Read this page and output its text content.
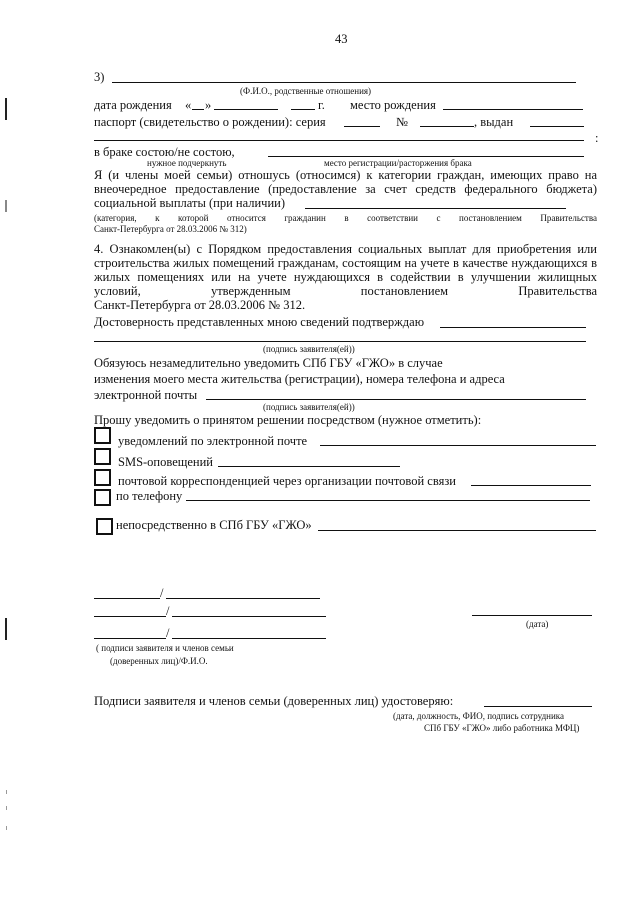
43
3)
(Ф.И.О., родственные отношения)
дата рождения « »	г. место рождения
паспорт (свидетельство о рождении): серия	№	, выдан
:
в браке состою/не состою,
нужное подчеркнуть	место регистрации/расторжения брака
Я (и члены моей семьи) отношусь (относимся) к категории граждан, имеющих право на внеочередное предоставление (предоставление за счет средств федерального бюджета)
социальной выплаты (при наличии)
(категория, к которой относится гражданин в соответствии с постановлением Правительства
Санкт-Петербурга от 28.03.2006 № 312)
4. Ознакомлен(ы) с Порядком предоставления социальных выплат для приобретения или строительства жилых помещений гражданам, состоящим на учете в качестве нуждающихся в жилых помещениях или на учете нуждающихся в содействии в улучшении жилищных условий, утвержденным постановлением Правительства
Санкт-Петербурга от 28.03.2006 № 312.
Достоверность представленных мною сведений подтверждаю
(подпись заявителя(ей))
Обязуюсь незамедлительно уведомить СПб ГБУ «ГЖО» в случае
изменения моего места жительства (регистрации), номера телефона и адреса
электронной почты
(подпись заявителя(ей))
Прошу уведомить о принятом решении посредством (нужное отметить):
уведомлений по электронной почте
SMS-оповещений
почтовой корреспонденцией через организации почтовой связи
по телефону
непосредственно в СПб ГБУ «ГЖО»
/
/
(дата)
/
( подписи заявителя и членов семьи
(доверенных лиц)/Ф.И.О.
Подписи заявителя и членов семьи (доверенных лиц) удостоверяю:
(дата, должность, ФИО, подпись сотрудника
СПб ГБУ «ГЖО» либо работника МФЦ)
